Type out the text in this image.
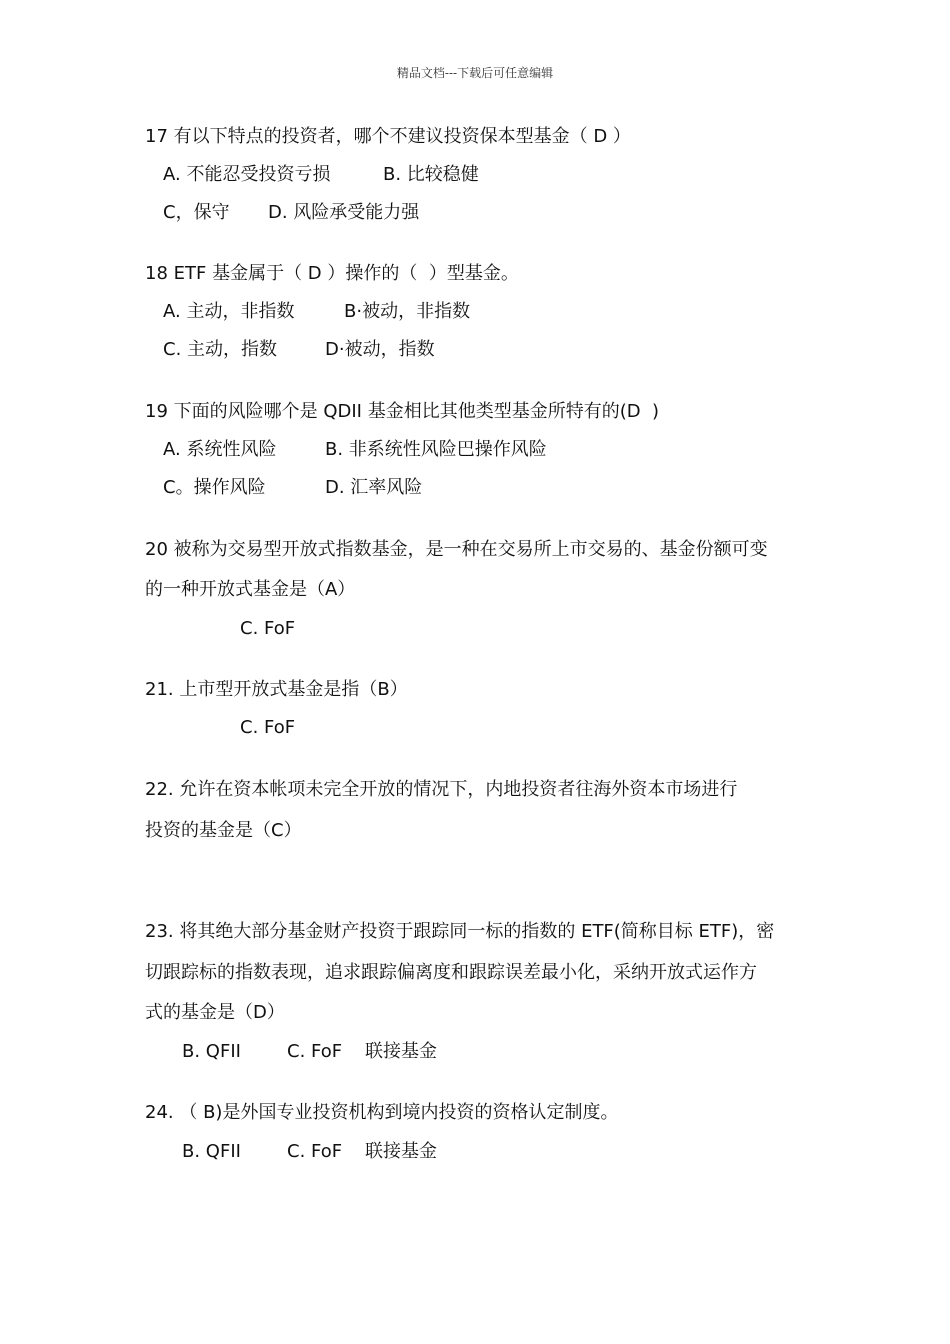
精品文档---下载后可任意编辑
17 有以下特点的投资者，哪个不建议投资保本型基金（ D ）
A. 不能忍受投资亏损	B. 比较稳健
C，保守 D. 风险承受能力强
18 ETF 基金属于（ D ）操作的（  ）型基金。
A. 主动，非指数	B·被动，非指数
C. 主动，指数	D·被动，指数
19 下面的风险哪个是 QDII 基金相比其他类型基金所特有的(D  )
A. 系统性风险	B. 非系统性风险巴操作风险
C。操作风险	D. 汇率风险
20 被称为交易型开放式指数基金，是一种在交易所上市交易的、基金份额可变
的一种开放式基金是（A）
C. FoF
21. 上市型开放式基金是指（B）
C. FoF
22. 允许在资本帐项未完全开放的情况下，内地投资者往海外资本市场进行
投资的基金是（C）
23. 将其绝大部分基金财产投资于跟踪同一标的指数的 ETF(简称目标 ETF)，密
切跟踪标的指数表现，追求跟踪偏离度和跟踪误差最小化，采纳开放式运作方
式的基金是（D）
B. QFII	C. FoF 联接基金
24. （ B)是外国专业投资机构到境内投资的资格认定制度。
B. QFII	C. FoF 联接基金
